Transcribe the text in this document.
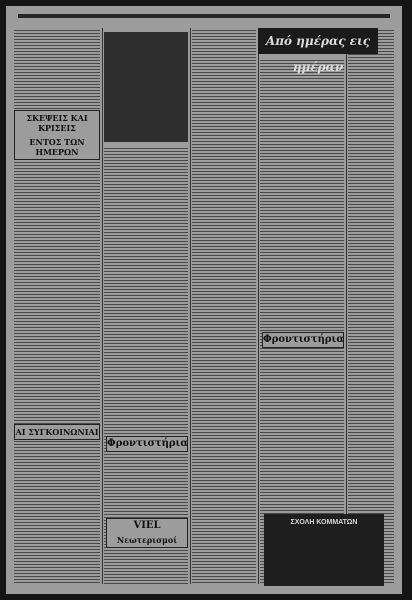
ΣΚΕΨΕΙΣ ΚΑΙ ΚΡΙΣΕΙΣ
ΕΝΤΟΣ ΤΩΝ ΗΜΕΡΩΝ
ΑΙ ΣΥΓΚΟΙΝΩΝΙΑΙ
Από ημέρας εις ημέραν
Φροντιστήρια
VIEL
Νεωτερισμοί
Φροντιστήρια
ΣΧΟΛΗ ΚΟΜΜΑΤΩΝ
